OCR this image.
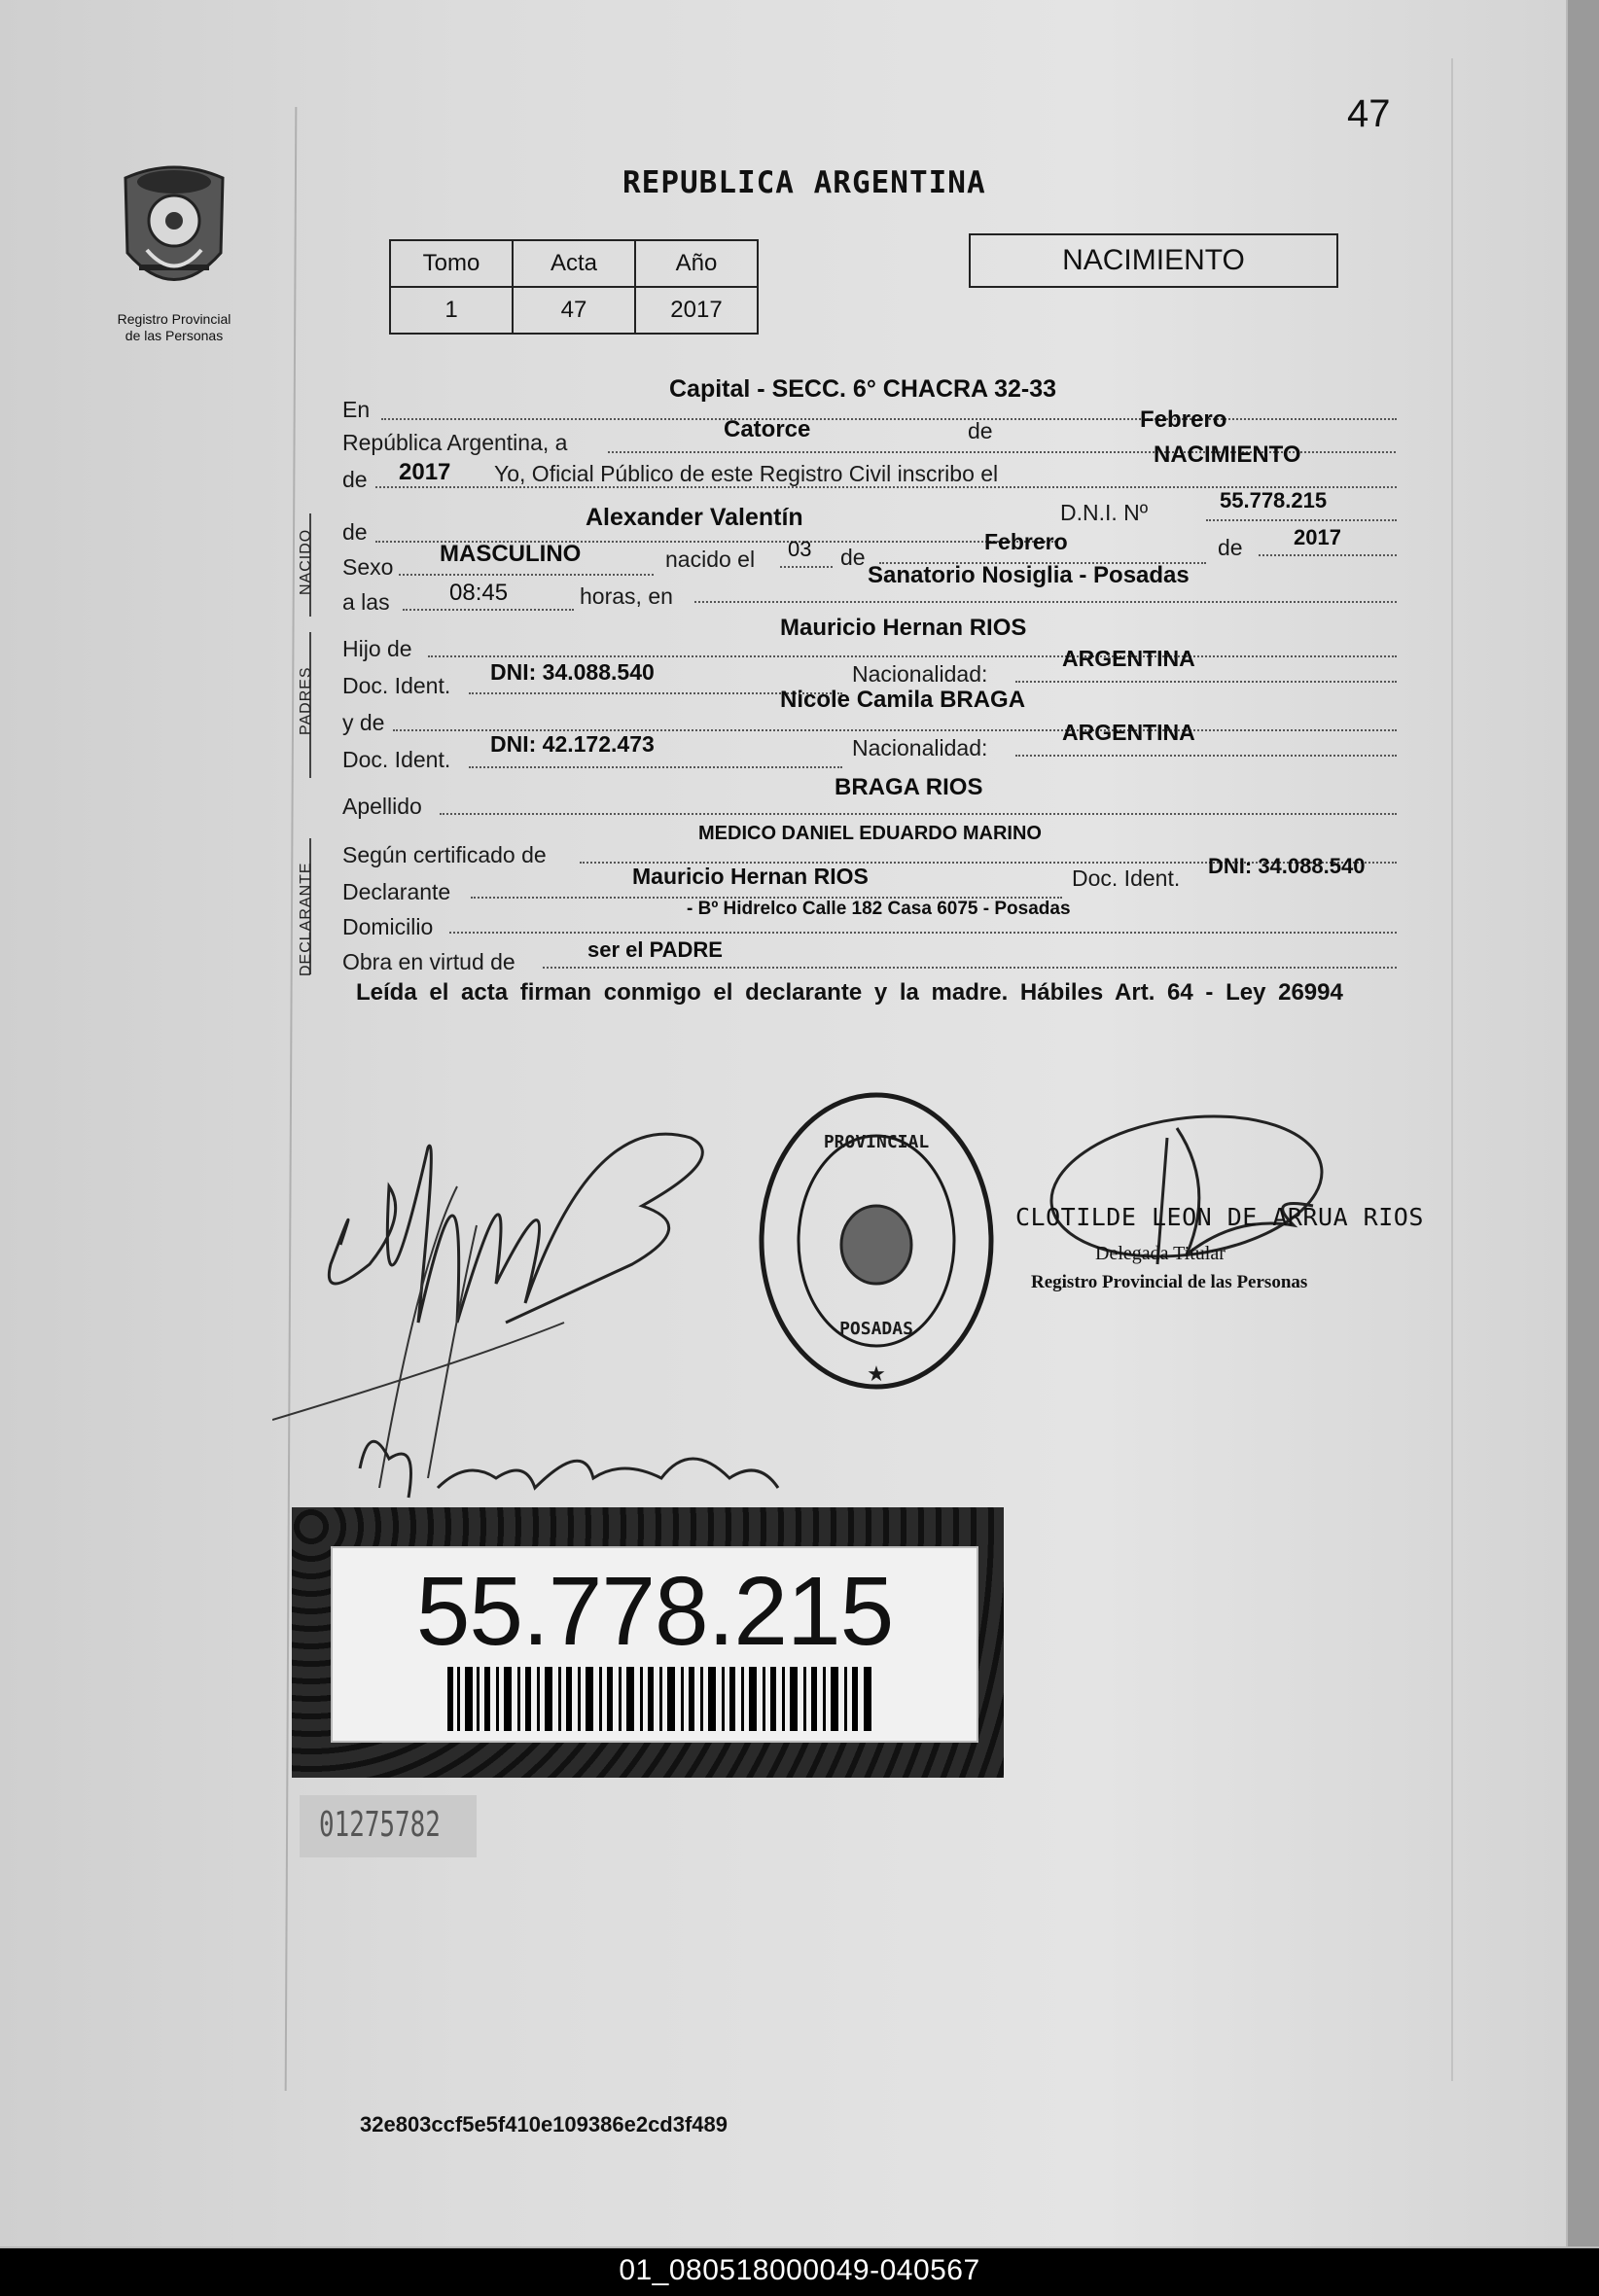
47
Registro Provincial
de las Personas
REPUBLICA ARGENTINA
Tomo	Acta	Año
1	47	2017
NACIMIENTO
En
Capital - SECC. 6° CHACRA 32-33
República Argentina, a	Catorce	de	Febrero
de 2017 Yo, Oficial Público de este Registro Civil inscribo el
NACIMIENTO
NACIDO de
Alexander Valentín	D.N.I. Nº	55.778.215
Sexo MASCULINO	nacido el 03 de
Febrero	de 2017
a las	08:45	horas, en
Sanatorio Nosiglia - Posadas
PADRES
Hijo de
Mauricio Hernan RIOS
Doc. Ident.
DNI: 34.088.540	Nacionalidad:
ARGENTINA
y de
Nicole Camila BRAGA
Doc. Ident.
DNI: 42.172.473	Nacionalidad:
ARGENTINA
Apellido
BRAGA RIOS
DECLARANTE
Según certificado de
MEDICO DANIEL EDUARDO MARINO
Declarante
Mauricio Hernan RIOS	Doc. Ident. DNI: 34.088.540
Domicilio
- Bº Hidrelco Calle 182 Casa 6075 - Posadas
Obra en virtud de	ser el PADRE
Leída el acta firman conmigo el declarante y la madre. Hábiles Art. 64 - Ley 26994
PROVINCIAL
POSADAS
★
CLOTILDE LEON DE ARRUA RIOS
Delegada Titular
Registro Provincial de las Personas
55.778.215
01275782
32e803ccf5e5f410e109386e2cd3f489
01_080518000049-040567
